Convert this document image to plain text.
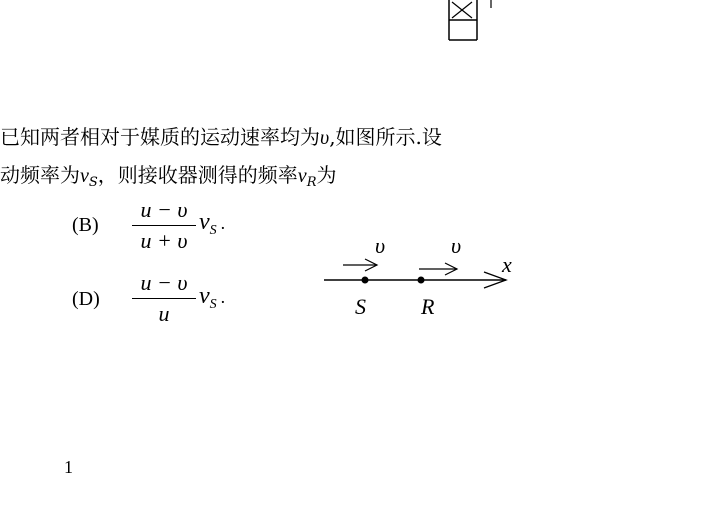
x
S	R
υ	υ
已知两者相对于媒质的运动速率均为υ,如图所示.设
动频率为$\nu_S$，则接收器测得的频率$\nu_R$为
(B)
u − υ
u + υ
$\nu_S$ .
(D)
u − υ
u
$\nu_S$ .
1
